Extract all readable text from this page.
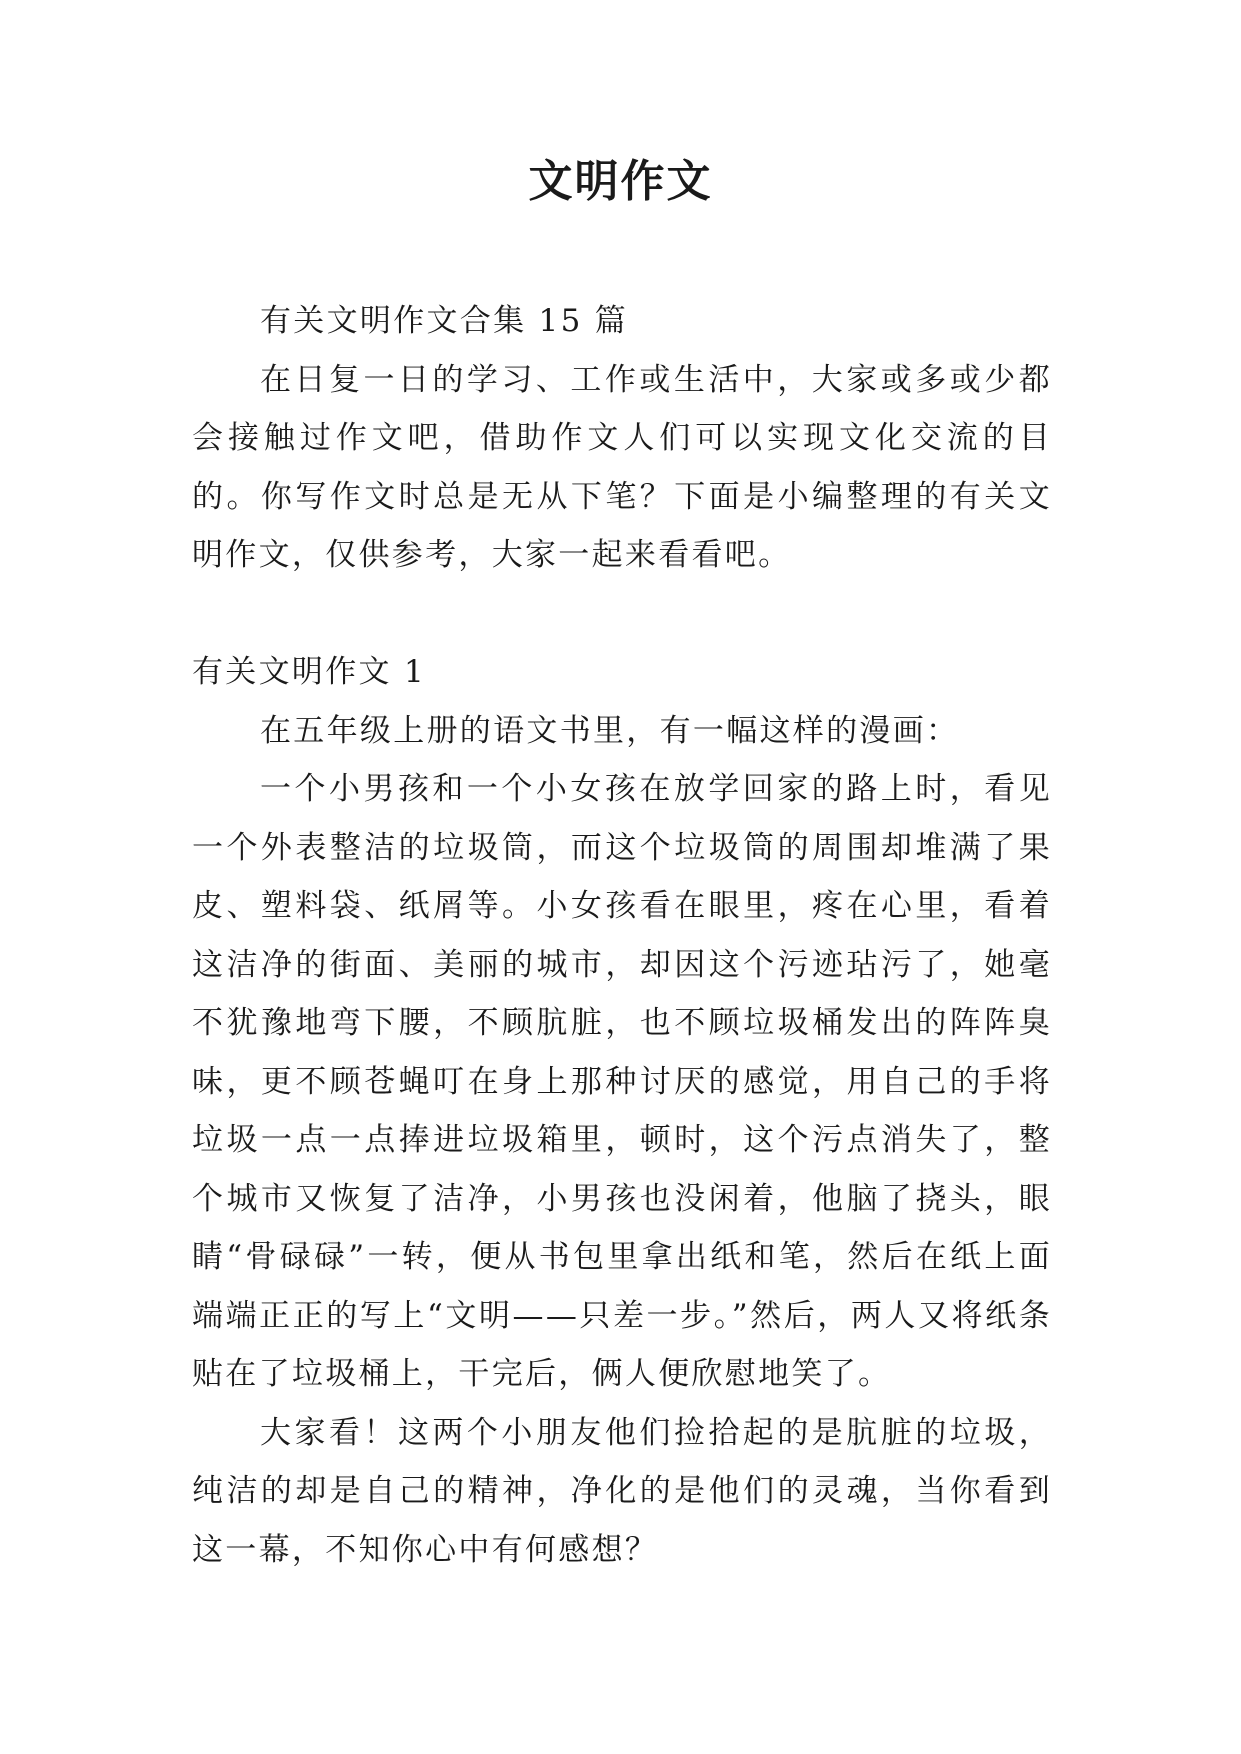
文明作文

有关文明作文合集 15 篇

在日复一日的学习、工作或生活中，大家或多或少都会接触过作文吧，借助作文人们可以实现文化交流的目的。你写作文时总是无从下笔？下面是小编整理的有关文明作文，仅供参考，大家一起来看看吧。

有关文明作文 1

在五年级上册的语文书里，有一幅这样的漫画：

一个小男孩和一个小女孩在放学回家的路上时，看见一个外表整洁的垃圾筒，而这个垃圾筒的周围却堆满了果皮、塑料袋、纸屑等。小女孩看在眼里，疼在心里，看着这洁净的街面、美丽的城市，却因这个污迹玷污了，她毫不犹豫地弯下腰，不顾肮脏，也不顾垃圾桶发出的阵阵臭味，更不顾苍蝇叮在身上那种讨厌的感觉，用自己的手将垃圾一点一点捧进垃圾箱里，顿时，这个污点消失了，整个城市又恢复了洁净，小男孩也没闲着，他脑了挠头，眼睛“骨碌碌”一转，便从书包里拿出纸和笔，然后在纸上面端端正正的写上“文明——只差一步。”然后，两人又将纸条贴在了垃圾桶上，干完后，俩人便欣慰地笑了。

大家看！这两个小朋友他们捡拾起的是肮脏的垃圾，纯洁的却是自己的精神，净化的是他们的灵魂，当你看到这一幕，不知你心中有何感想？
